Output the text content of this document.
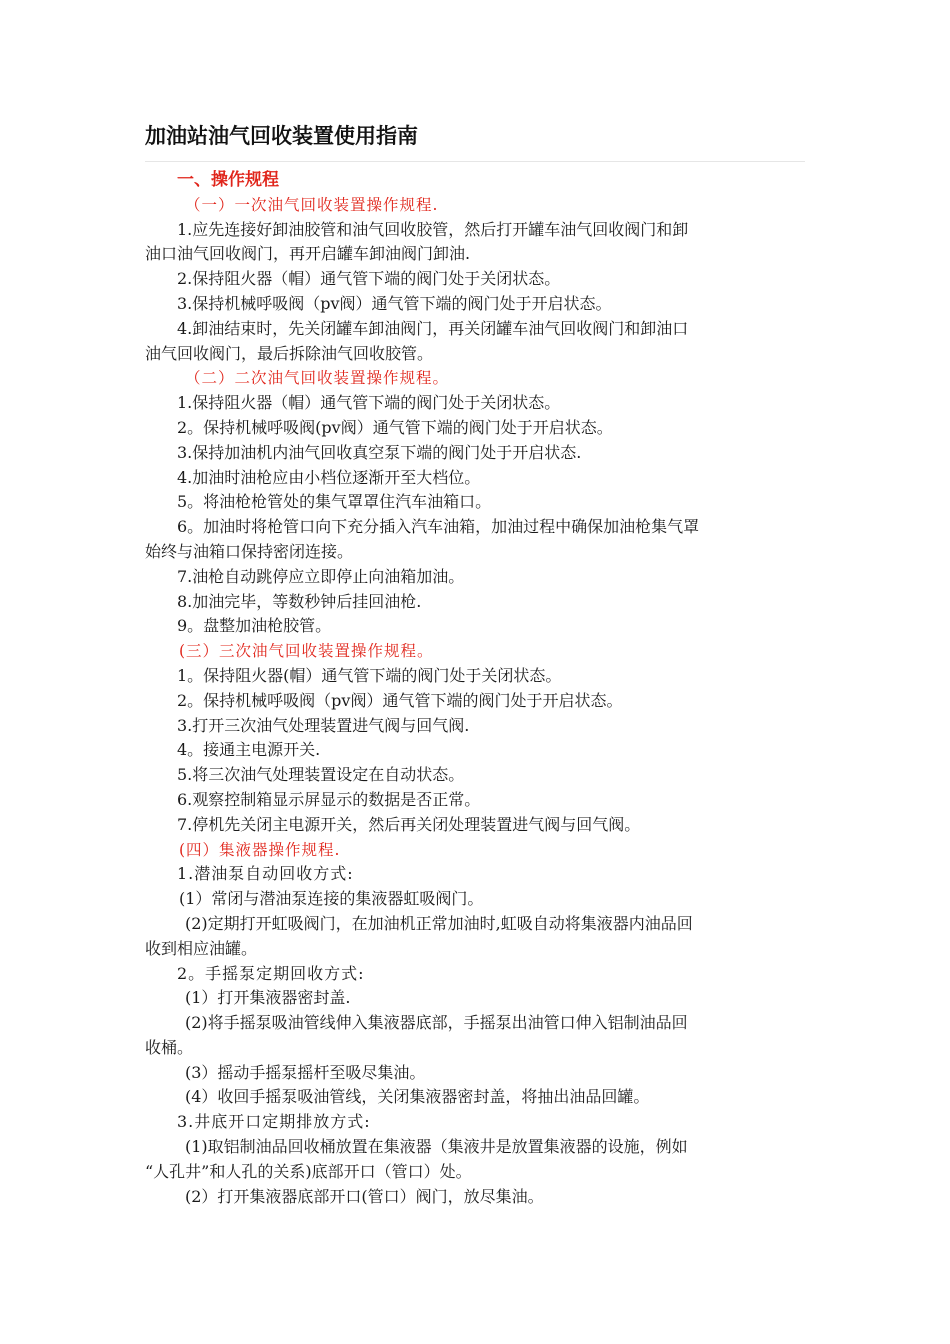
加油站油气回收装置使用指南
一、操作规程
（一）一次油气回收装置操作规程.
1.应先连接好卸油胶管和油气回收胶管，然后打开罐车油气回收阀门和卸
油口油气回收阀门，再开启罐车卸油阀门卸油.
2.保持阻火器（帽）通气管下端的阀门处于关闭状态。
3.保持机械呼吸阀（pv阀）通气管下端的阀门处于开启状态。
4.卸油结束时，先关闭罐车卸油阀门，再关闭罐车油气回收阀门和卸油口
油气回收阀门，最后拆除油气回收胶管。
（二）二次油气回收装置操作规程。
1.保持阻火器（帽）通气管下端的阀门处于关闭状态。
2。保持机械呼吸阀(pv阀）通气管下端的阀门处于开启状态。
3.保持加油机内油气回收真空泵下端的阀门处于开启状态.
4.加油时油枪应由小档位逐渐开至大档位。
5。将油枪枪管处的集气罩罩住汽车油箱口。
6。加油时将枪管口向下充分插入汽车油箱，加油过程中确保加油枪集气罩
始终与油箱口保持密闭连接。
7.油枪自动跳停应立即停止向油箱加油。
8.加油完毕，等数秒钟后挂回油枪.
9。盘整加油枪胶管。
(三）三次油气回收装置操作规程。
1。保持阻火器(帽）通气管下端的阀门处于关闭状态。
2。保持机械呼吸阀（pv阀）通气管下端的阀门处于开启状态。
3.打开三次油气处理装置进气阀与回气阀.
4。接通主电源开关.
5.将三次油气处理装置设定在自动状态。
6.观察控制箱显示屏显示的数据是否正常。
7.停机先关闭主电源开关，然后再关闭处理装置进气阀与回气阀。
(四）集液器操作规程.
1.潜油泵自动回收方式:
(1）常闭与潜油泵连接的集液器虹吸阀门。
(2)定期打开虹吸阀门，在加油机正常加油时,虹吸自动将集液器内油品回
收到相应油罐。
2。手摇泵定期回收方式:
(1）打开集液器密封盖.
(2)将手摇泵吸油管线伸入集液器底部，手摇泵出油管口伸入铝制油品回
收桶。
(3）摇动手摇泵摇杆至吸尽集油。
(4）收回手摇泵吸油管线，关闭集液器密封盖，将抽出油品回罐。
3.井底开口定期排放方式:
(1)取铝制油品回收桶放置在集液器（集液井是放置集液器的设施，例如
“人孔井”和人孔的关系)底部开口（管口）处。
(2）打开集液器底部开口(管口）阀门，放尽集油。
